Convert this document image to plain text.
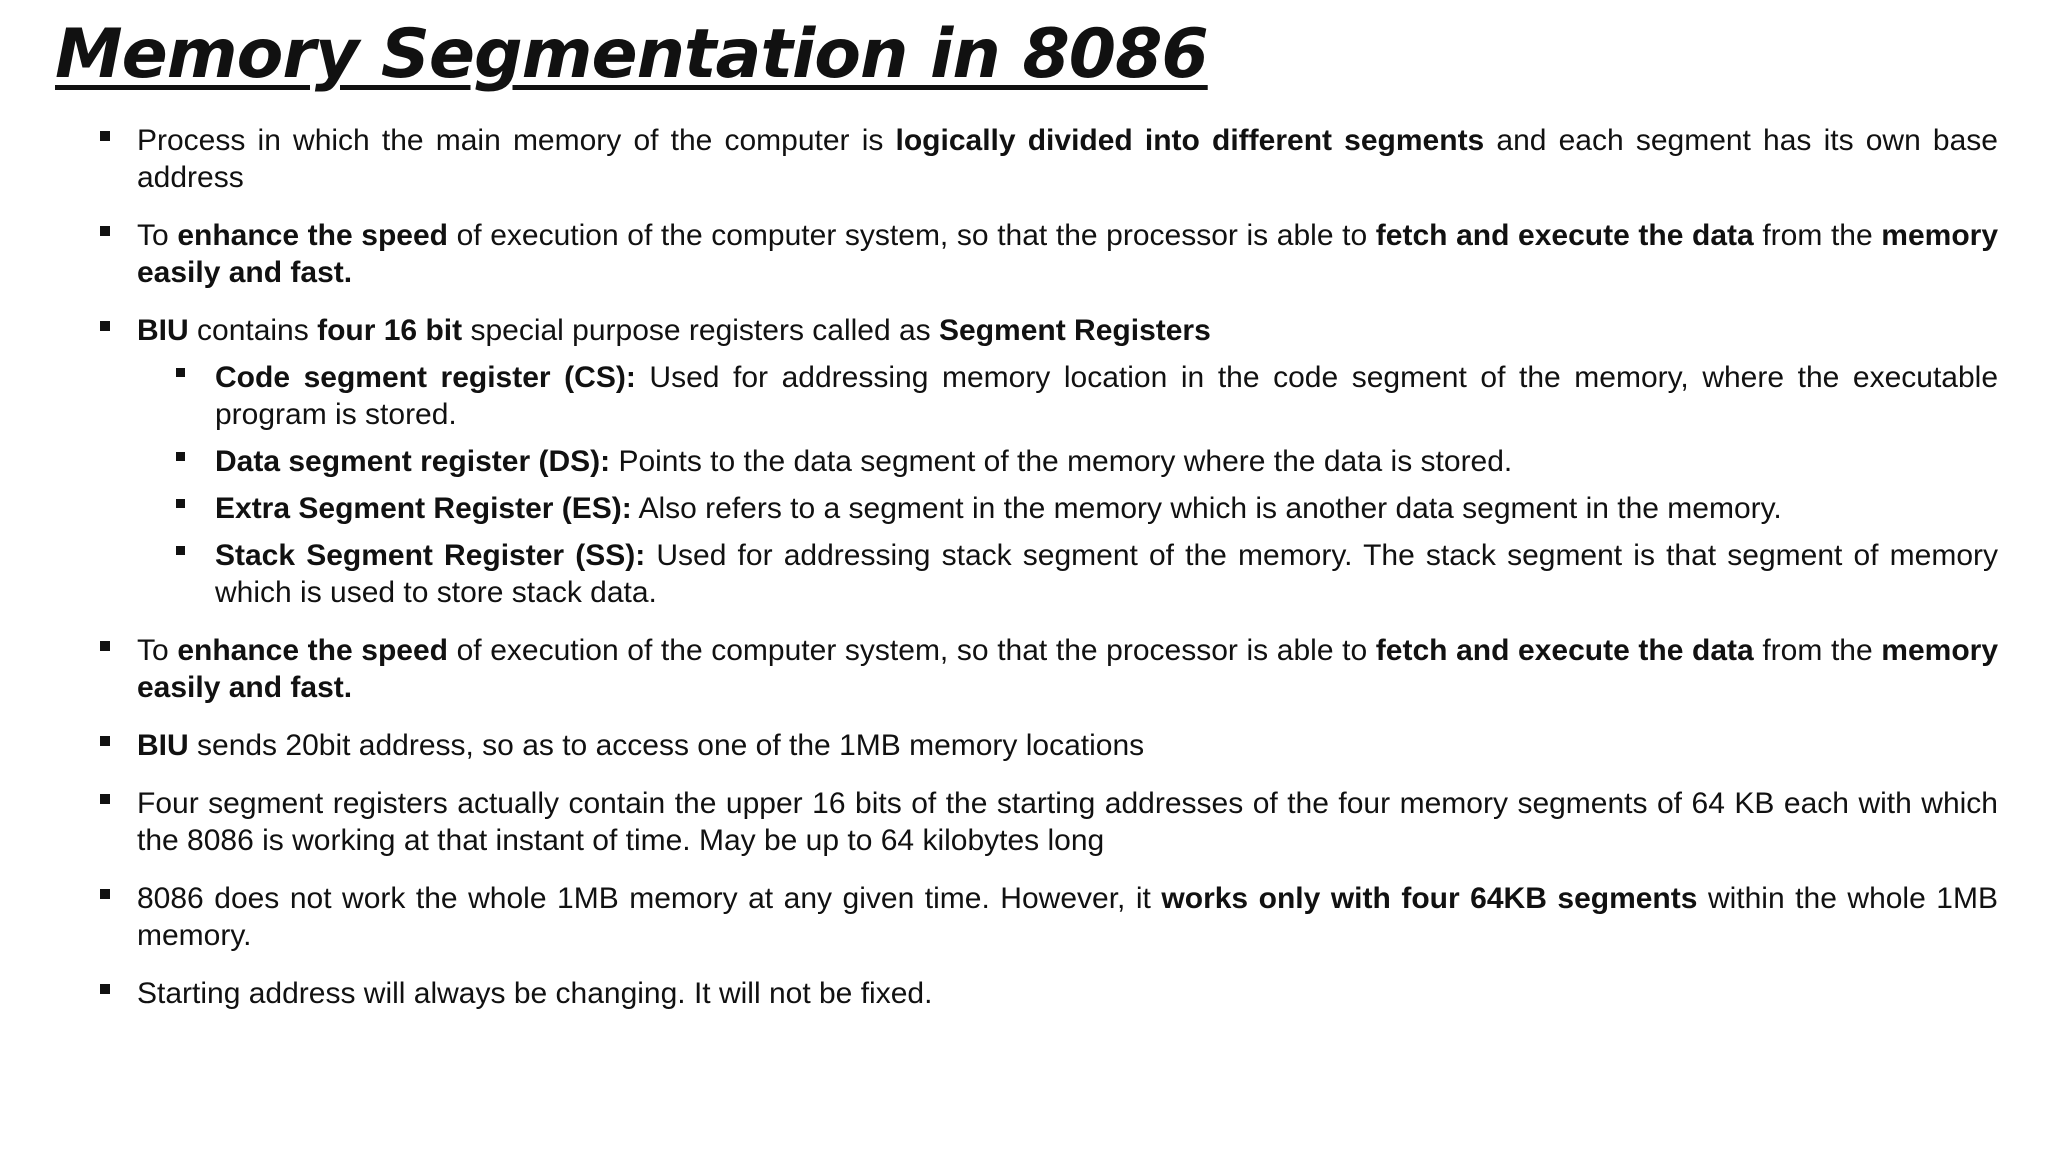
Memory Segmentation in 8086
Process in which the main memory of the computer is logically divided into different segments and each segment has its own base address
To enhance the speed of execution of the computer system, so that the processor is able to fetch and execute the data from the memory easily and fast.
BIU contains four 16 bit special purpose registers called as Segment Registers
Code segment register (CS): Used for addressing memory location in the code segment of the memory, where the executable program is stored.
Data segment register (DS): Points to the data segment of the memory where the data is stored.
Extra Segment Register (ES): Also refers to a segment in the memory which is another data segment in the memory.
Stack Segment Register (SS): Used for addressing stack segment of the memory. The stack segment is that segment of memory which is used to store stack data.
To enhance the speed of execution of the computer system, so that the processor is able to fetch and execute the data from the memory easily and fast.
BIU sends 20bit address, so as to access one of the 1MB memory locations
Four segment registers actually contain the upper 16 bits of the starting addresses of the four memory segments of 64 KB each with which the 8086 is working at that instant of time. May be up to 64 kilobytes long
8086 does not work the whole 1MB memory at any given time. However, it works only with four 64KB segments within the whole 1MB memory.
Starting address will always be changing. It will not be fixed.
